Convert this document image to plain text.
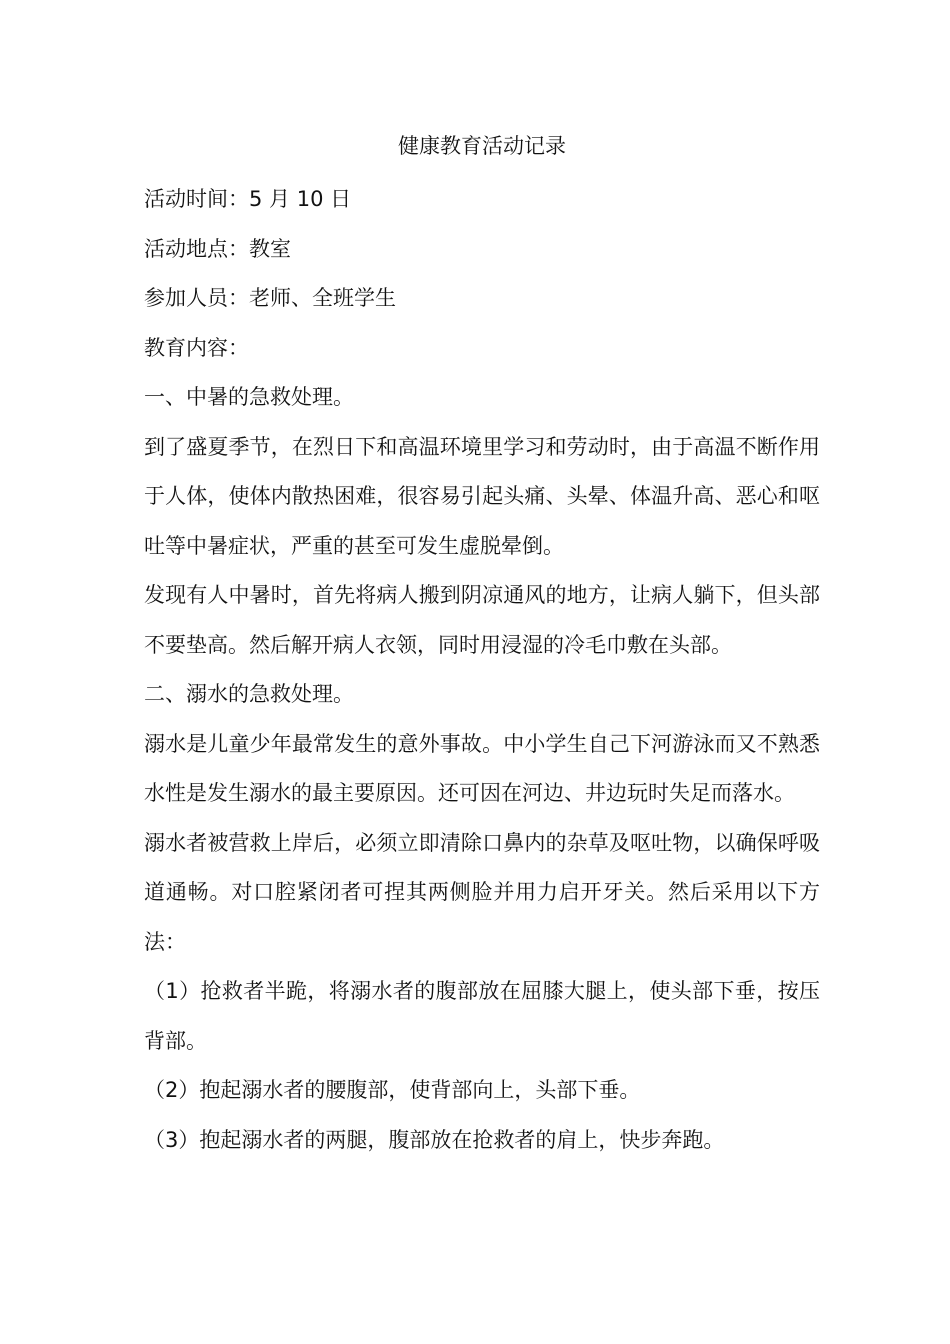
健康教育活动记录

活动时间：5 月 10 日

活动地点：教室

参加人员：老师、全班学生

教育内容：

一、中暑的急救处理。

到了盛夏季节，在烈日下和高温环境里学习和劳动时，由于高温不断作用于人体，使体内散热困难，很容易引起头痛、头晕、体温升高、恶心和呕吐等中暑症状，严重的甚至可发生虚脱晕倒。

发现有人中暑时，首先将病人搬到阴凉通风的地方，让病人躺下，但头部不要垫高。然后解开病人衣领，同时用浸湿的冷毛巾敷在头部。

二、溺水的急救处理。

溺水是儿童少年最常发生的意外事故。中小学生自己下河游泳而又不熟悉水性是发生溺水的最主要原因。还可因在河边、井边玩时失足而落水。

溺水者被营救上岸后，必须立即清除口鼻内的杂草及呕吐物，以确保呼吸道通畅。对口腔紧闭者可捏其两侧脸并用力启开牙关。然后采用以下方法：

（1）抢救者半跪，将溺水者的腹部放在屈膝大腿上，使头部下垂，按压背部。

（2）抱起溺水者的腰腹部，使背部向上，头部下垂。

（3）抱起溺水者的两腿，腹部放在抢救者的肩上，快步奔跑。
